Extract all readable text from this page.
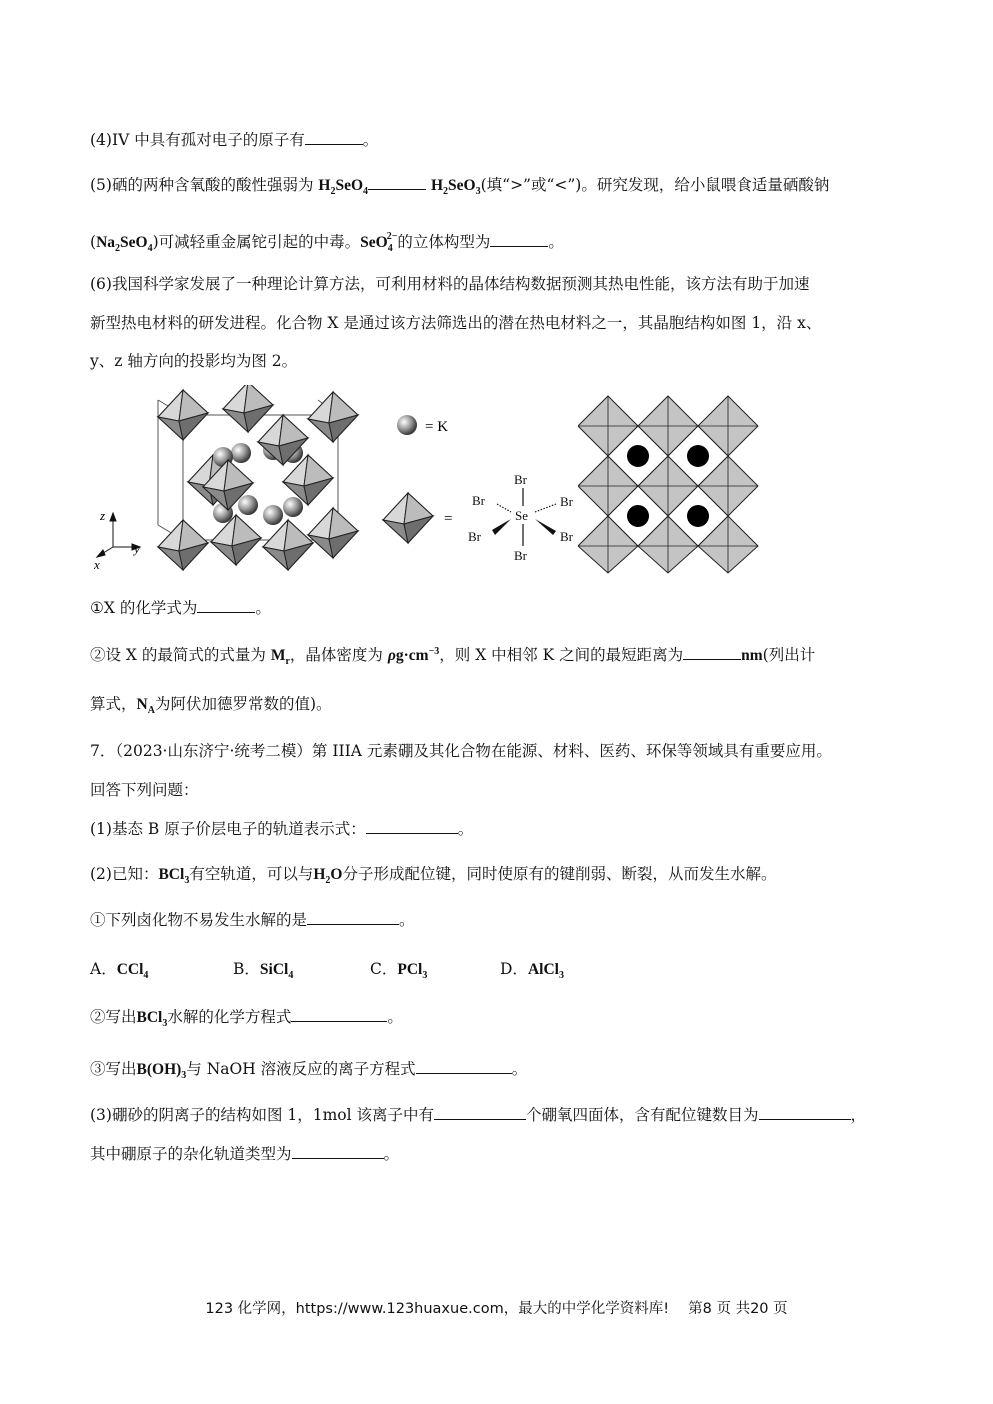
(4)IV 中具有孤对电子的原子有	。
(5)硒的两种含氧酸的酸性强弱为 $H_2SeO_4$	$H_2SeO_3$(填“>”或“<”)。研究发现，给小鼠喂食适量硒酸钠
$(Na_2SeO_4)$可减轻重金属铊引起的中毒。SeO$_4^{2-}$的立体构型为	。
(6)我国科学家发展了一种理论计算方法，可利用材料的晶体结构数据预测其热电性能，该方法有助于加速
新型热电材料的研发进程。化合物 X 是通过该方法筛选出的潜在热电材料之一，其晶胞结构如图 1，沿 x、
y、z 轴方向的投影均为图 2。
z
y
x
= K
=	Se
Br
Br
Br	Br
Br	Br
①X 的化学式为	。
②设 X 的最简式的式量为 $M_r$，晶体密度为 $\rho g\cdot cm^{-3}$，则 X 中相邻 K 之间的最短距离为	nm(列出计
算式，$N_A$为阿伏加德罗常数的值)。
7．（2023·山东济宁·统考二模）第 IIIA 元素硼及其化合物在能源、材料、医药、环保等领域具有重要应用。
回答下列问题：
(1)基态 B 原子价层电子的轨道表示式：	。
(2)已知：BCl$_3$有空轨道，可以与$H_2O$分子形成配位键，同时使原有的键削弱、断裂，从而发生水解。
①下列卤化物不易发生水解的是	。
A．CCl$_4$	B．SiCl$_4$	C．PCl$_3$	D．AlCl$_3$
②写出BCl$_3$水解的化学方程式	。
③写出$B(OH)_3$与 NaOH 溶液反应的离子方程式	。
(3)硼砂的阴离子的结构如图 1，1mol 该离子中有	个硼氧四面体，含有配位键数目为	，
其中硼原子的杂化轨道类型为	。
123 化学网，https://www.123huaxue.com，最大的中学化学资料库!　 第8 页 共20 页
